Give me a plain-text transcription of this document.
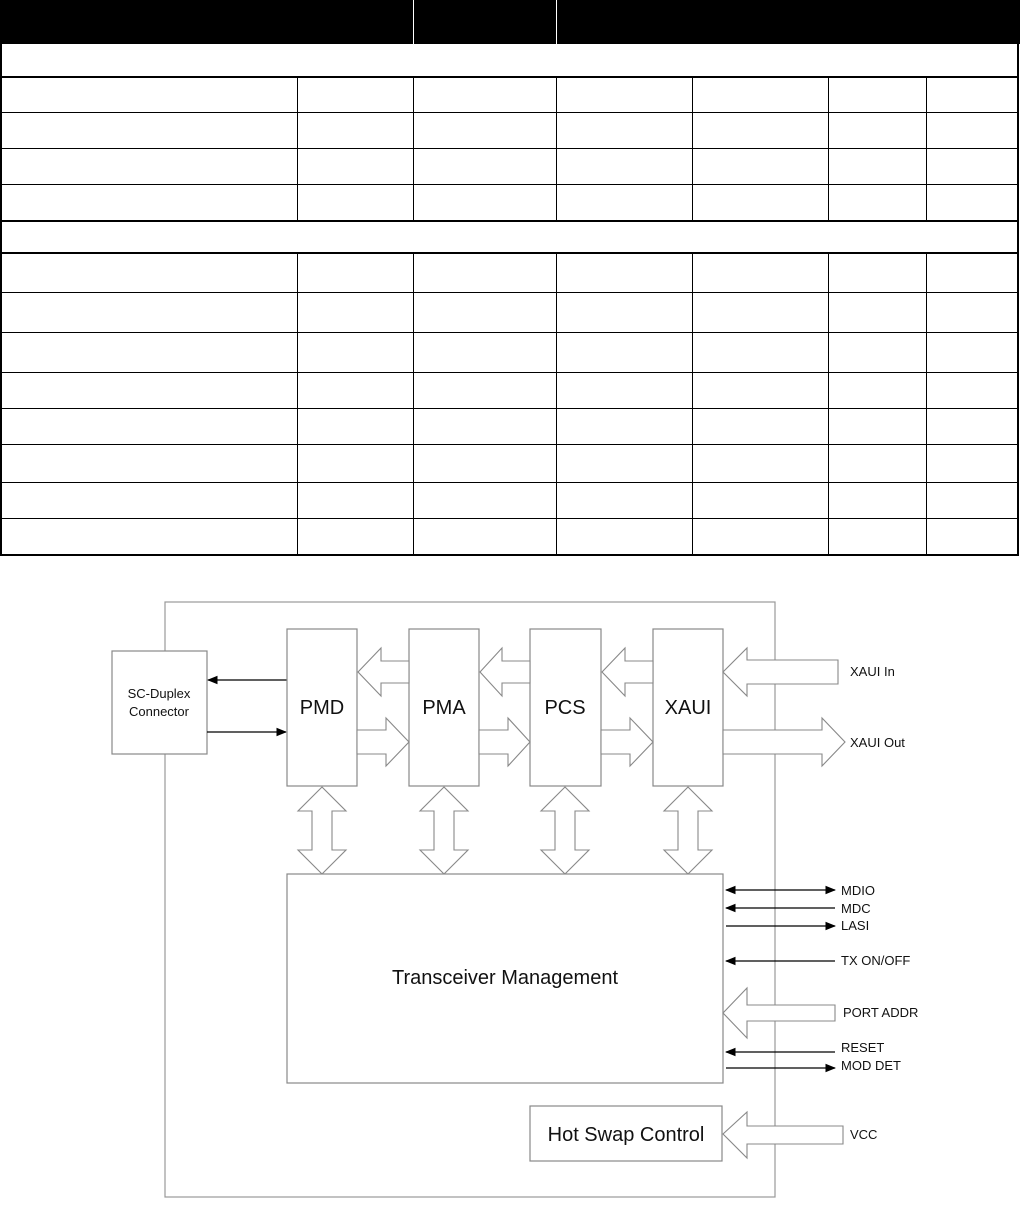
SC-Duplex
Connector	PMD	PMA	PCS	XAUI
XAUI In
XAUI Out
Transceiver Management
MDIO
MDC
LASI
TX ON/OFF
PORT ADDR
RESET
MOD DET
Hot Swap Control	VCC
